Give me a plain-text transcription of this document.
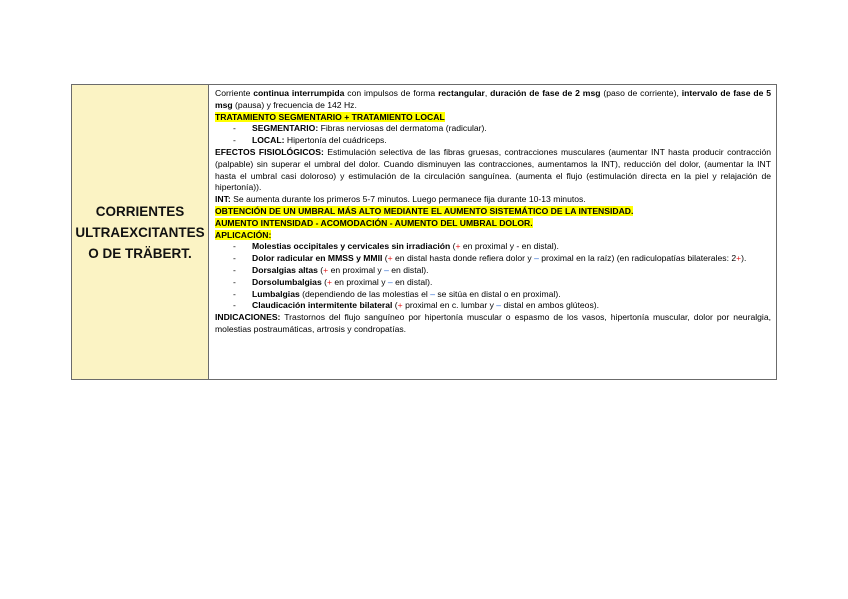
CORRIENTES
ULTRAEXCITANTES
O DE TRÄBERT.

Corriente continua interrumpida con impulsos de forma rectangular, duración de fase de 2 msg (paso de corriente), intervalo de fase de 5 msg (pausa) y frecuencia de 142 Hz.

TRATAMIENTO SEGMENTARIO + TRATAMIENTO LOCAL

- SEGMENTARIO: Fibras nerviosas del dermatoma (radicular).
- LOCAL: Hipertonía del cuádriceps.

EFECTOS FISIOLÓGICOS: Estimulación selectiva de las fibras gruesas, contracciones musculares (aumentar INT hasta producir contracción (palpable) sin superar el umbral del dolor. Cuando disminuyen las contracciones, aumentamos la INT), reducción del dolor, (aumentar la INT hasta el umbral casi doloroso) y estimulación de la circulación sanguínea. (aumenta el flujo (estimulación directa en la piel y relajación de hipertonía)).

INT: Se aumenta durante los primeros 5-7 minutos. Luego permanece fija durante 10-13 minutos.

OBTENCIÓN DE UN UMBRAL MÁS ALTO MEDIANTE EL AUMENTO SISTEMÁTICO DE LA INTENSIDAD.

AUMENTO INTENSIDAD - ACOMODACIÓN - AUMENTO DEL UMBRAL DOLOR.

APLICACIÓN:

- Molestias occipitales y cervicales sin irradiación (+ en proximal y - en distal).
- Dolor radicular en MMSS y MMII (+ en distal hasta donde refiera dolor y – proximal en la raíz) (en radiculopatías bilaterales: 2+).
- Dorsalgias altas (+ en proximal y – en distal).
- Dorsolumbalgias (+ en proximal y – en distal).
- Lumbalgias (dependiendo de las molestias el – se sitúa en distal o en proximal).
- Claudicación intermitente bilateral (+ proximal en c. lumbar y – distal en ambos glúteos).

INDICACIONES: Trastornos del flujo sanguíneo por hipertonía muscular o espasmo de los vasos, hipertonía muscular, dolor por neuralgia, molestias postraumáticas, artrosis y condropatías.
